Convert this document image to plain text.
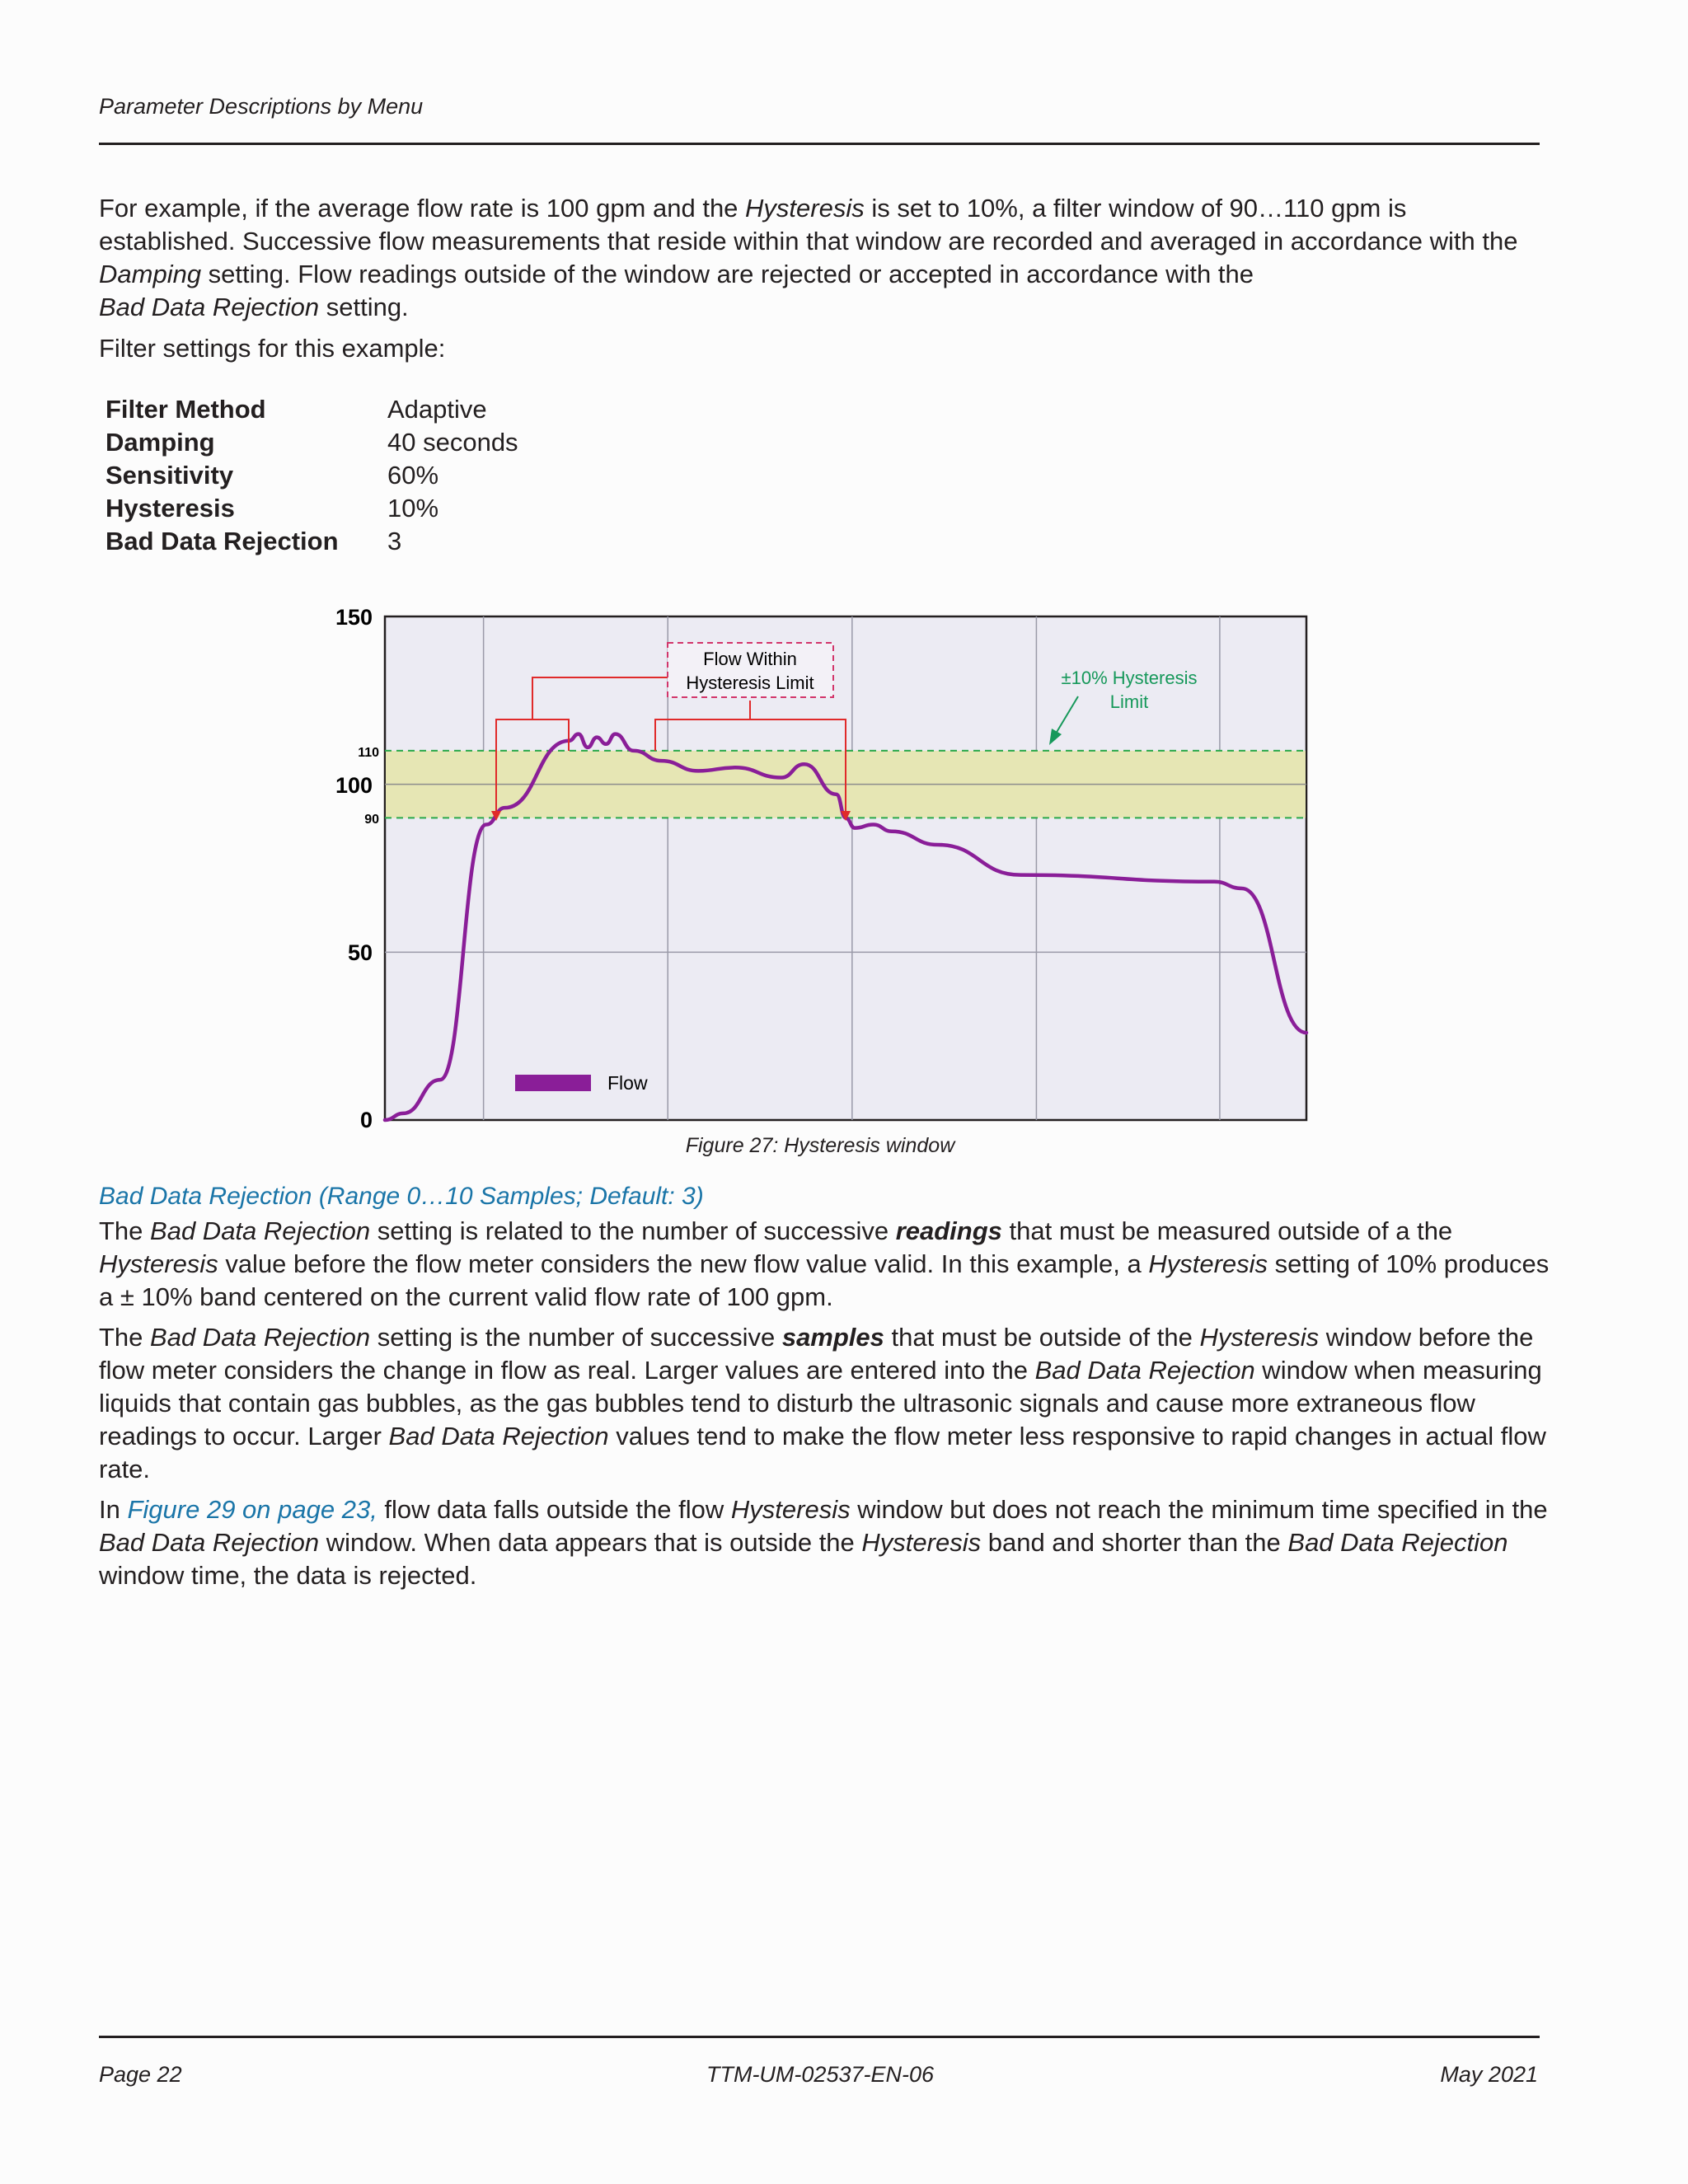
Parameter Descriptions by Menu

For example, if the average flow rate is 100 gpm and the Hysteresis is set to 10%, a filter window of 90…110 gpm is established. Successive flow measurements that reside within that window are recorded and averaged in accordance with the Damping setting. Flow readings outside of the window are rejected or accepted in accordance with the
Bad Data Rejection setting.

Filter settings for this example:

Filter Method	Adaptive
Damping	40 seconds
Sensitivity	60%
Hysteresis	10%
Bad Data Rejection	3
150
110
100
90
50
0
Flow Within
Hysteresis Limit	±10% Hysteresis
Limit
Flow
Figure 27: Hysteresis window
Bad Data Rejection (Range 0…10 Samples; Default: 3)

The Bad Data Rejection setting is related to the number of successive readings that must be measured outside of a the Hysteresis value before the flow meter considers the new flow value valid. In this example, a Hysteresis setting of 10% produces a ± 10% band centered on the current valid flow rate of 100 gpm.

The Bad Data Rejection setting is the number of successive samples that must be outside of the Hysteresis window before the flow meter considers the change in flow as real. Larger values are entered into the Bad Data Rejection window when measuring liquids that contain gas bubbles, as the gas bubbles tend to disturb the ultrasonic signals and cause more extraneous flow readings to occur. Larger Bad Data Rejection values tend to make the flow meter less responsive to rapid changes in actual flow rate.

In Figure 29 on page 23, flow data falls outside the flow Hysteresis window but does not reach the minimum time specified in the Bad Data Rejection window. When data appears that is outside the Hysteresis band and shorter than the Bad Data Rejection window time, the data is rejected.

Page 22	TTM-UM-02537-EN-06	May 2021
